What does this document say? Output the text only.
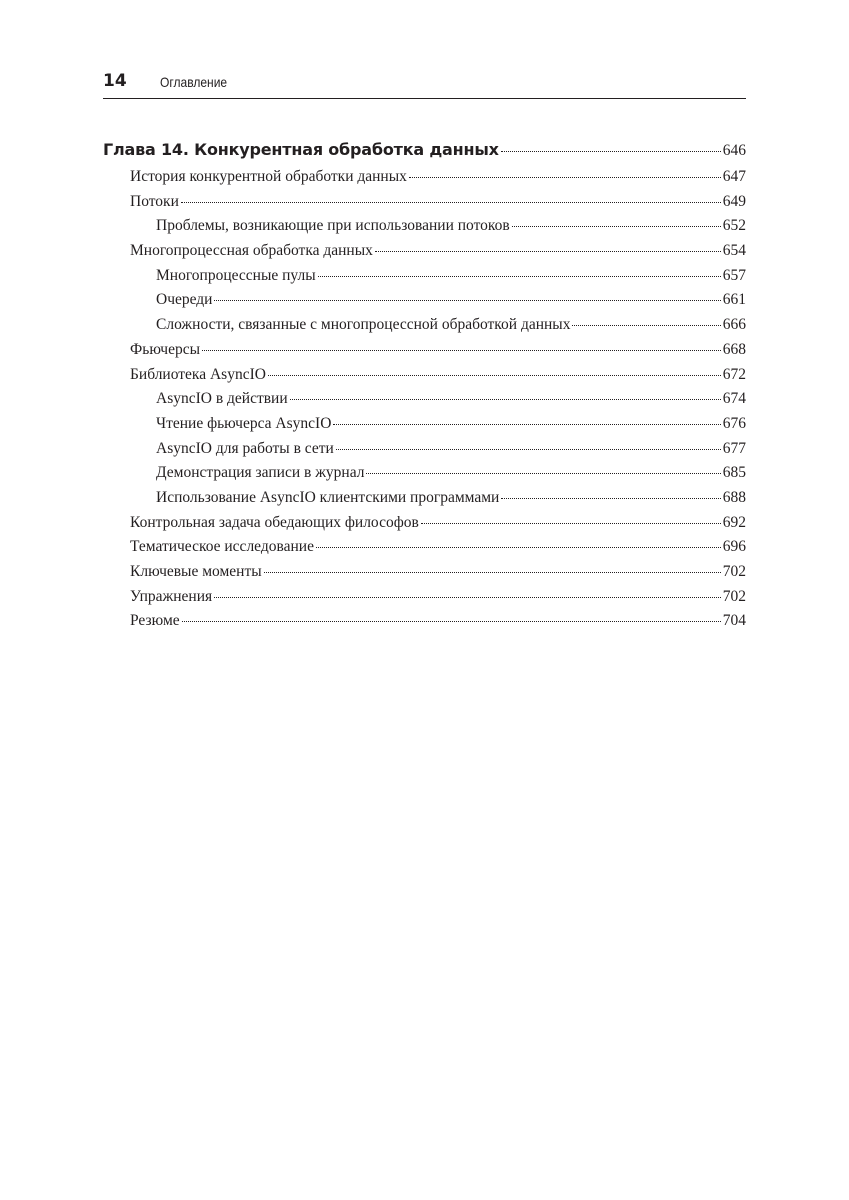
14 Оглавление
Глава 14. Конкурентная обработка данных	646
История конкурентной обработки данных	647
Потоки	649
Проблемы, возникающие при использовании потоков	652
Многопроцессная обработка данных	654
Многопроцессные пулы	657
Очереди	661
Сложности, связанные с многопроцессной обработкой данных	666
Фьючерсы	668
Библиотека AsyncIO	672
AsyncIO в действии	674
Чтение фьючерса AsyncIO	676
AsyncIO для работы в сети	677
Демонстрация записи в журнал	685
Использование AsyncIO клиентскими программами	688
Контрольная задача обедающих философов	692
Тематическое исследование	696
Ключевые моменты	702
Упражнения	702
Резюме	704
